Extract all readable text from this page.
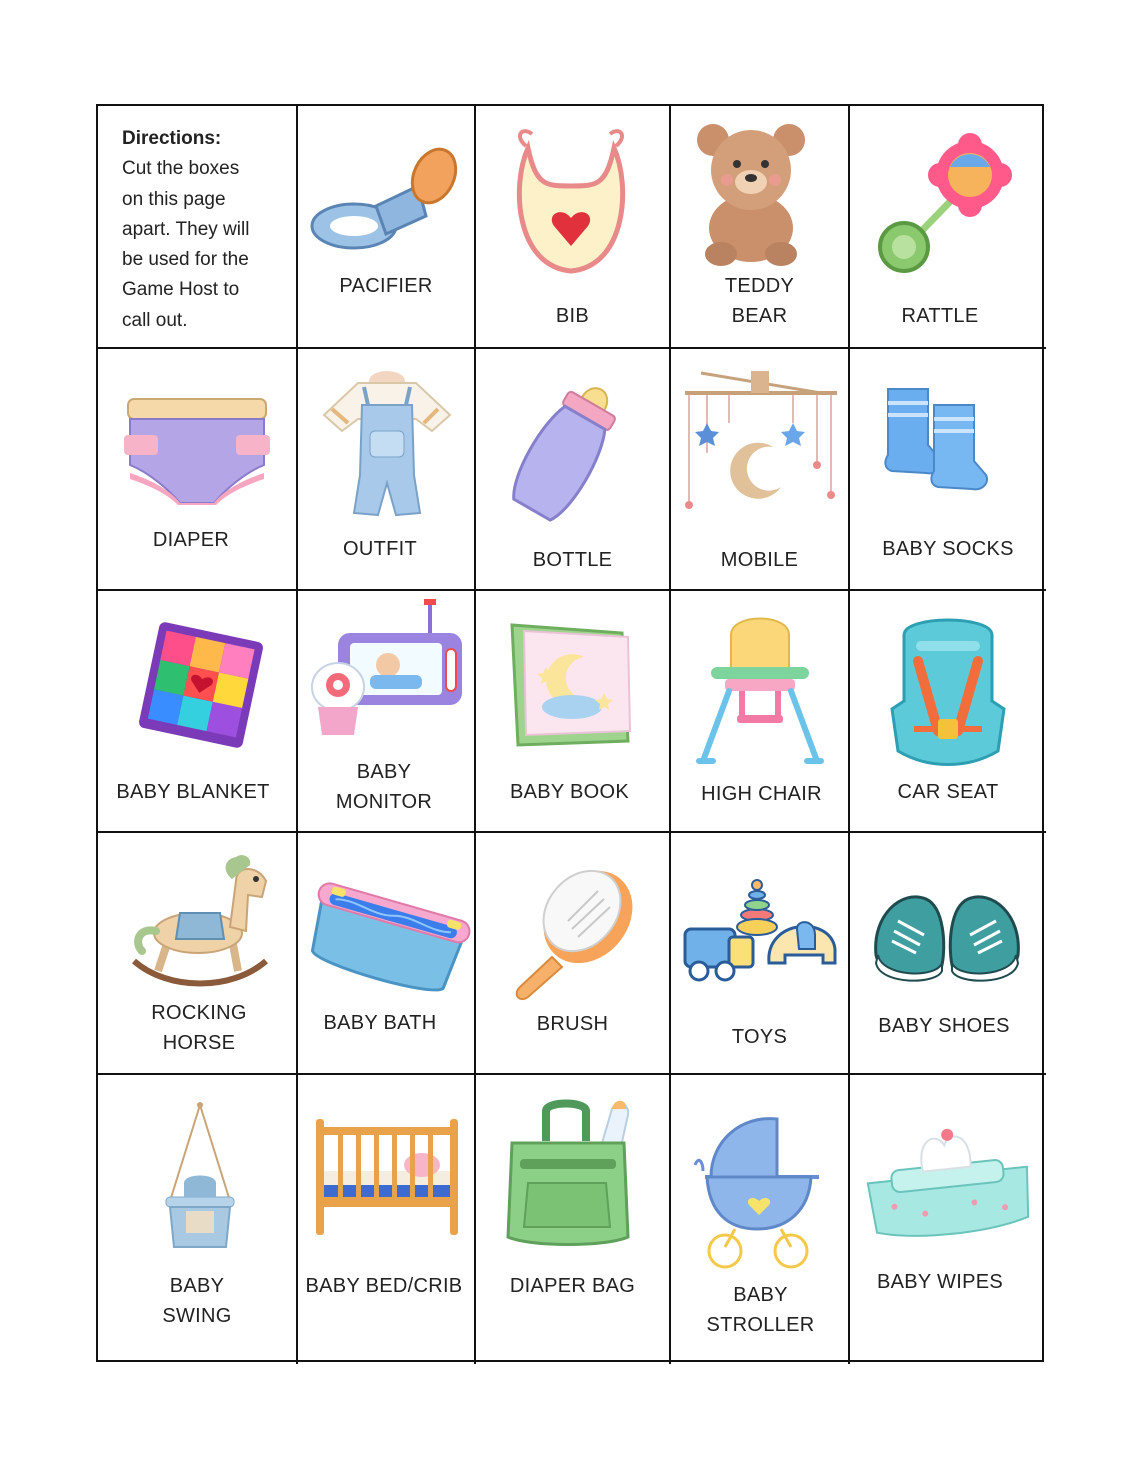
Directions:
Cut the boxes
on this page
apart. They will
be used for the
Game Host to
call out.
PACIFIER
BIB
TEDDY
BEAR	RATTLE
DIAPER	OUTFIT	BOTTLE	MOBILE	BABY SOCKS
BABY BLANKET
BABY
MONITOR	BABY BOOK	HIGH CHAIR	CAR SEAT
ROCKING
HORSE
BABY BATH	BRUSH
TOYS	BABY SHOES
BABY
SWING
BABY BED/CRIB	DIAPER BAG	BABY
STROLLER
BABY WIPES
